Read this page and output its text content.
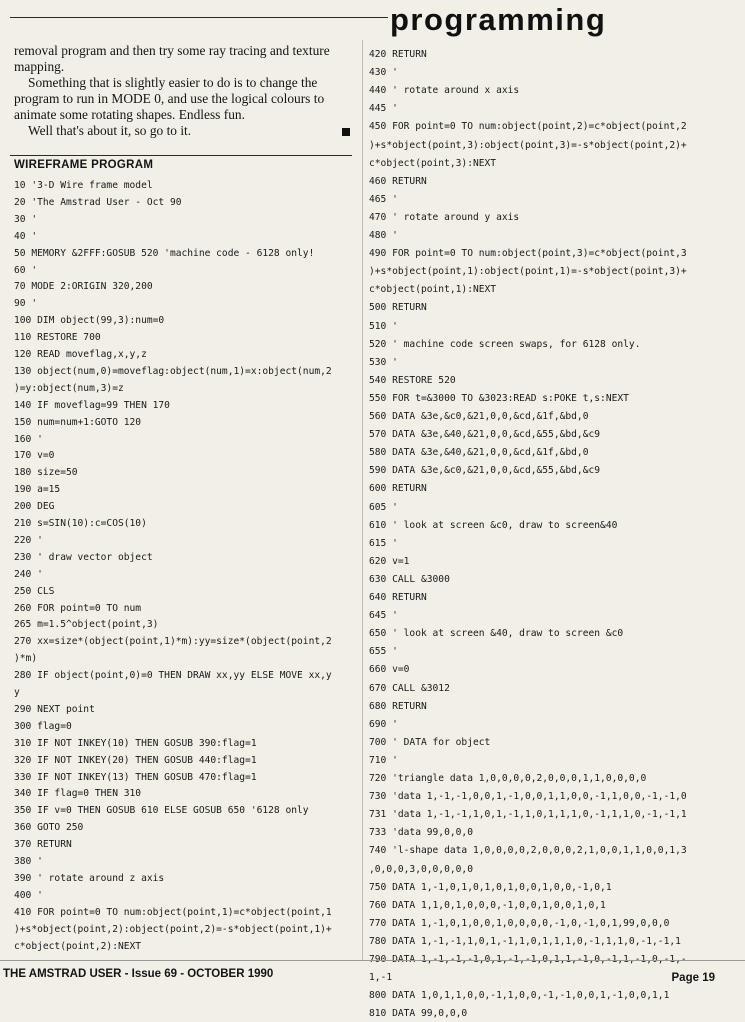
programming

removal program and then try some ray tracing and texture mapping.

Something that is slightly easier to do is to change the program to run in MODE 0, and use the logical colours to animate some rotating shapes. Endless fun.

Well that's about it, so go to it.

WIREFRAME PROGRAM
10 '3-D Wire frame model
20 'The Amstrad User - Oct 90
30 '
40 '
50 MEMORY &2FFF:GOSUB 520 'machine code - 6128 only!
60 '
70 MODE 2:ORIGIN 320,200
90 '
100 DIM object(99,3):num=0
110 RESTORE 700
120 READ moveflag,x,y,z
130 object(num,0)=moveflag:object(num,1)=x:object(num,2
)=y:object(num,3)=z
140 IF moveflag=99 THEN 170
150 num=num+1:GOTO 120
160 '
170 v=0
180 size=50
190 a=15
200 DEG
210 s=SIN(10):c=COS(10)
220 '
230 ' draw vector object
240 '
250 CLS
260 FOR point=0 TO num
265 m=1.5^object(point,3)
270 xx=size*(object(point,1)*m):yy=size*(object(point,2
)*m)
280 IF object(point,0)=0 THEN DRAW xx,yy ELSE MOVE xx,y
y
290 NEXT point
300 flag=0
310 IF NOT INKEY(10) THEN GOSUB 390:flag=1
320 IF NOT INKEY(20) THEN GOSUB 440:flag=1
330 IF NOT INKEY(13) THEN GOSUB 470:flag=1
340 IF flag=0 THEN 310
350 IF v=0 THEN GOSUB 610 ELSE GOSUB 650 '6128 only
360 GOTO 250
370 RETURN
380 '
390 ' rotate around z axis
400 '
410 FOR point=0 TO num:object(point,1)=c*object(point,1
)+s*object(point,2):object(point,2)=-s*object(point,1)+
c*object(point,2):NEXT
420 RETURN
430 '
440 ' rotate around x axis
445 '
450 FOR point=0 TO num:object(point,2)=c*object(point,2
)+s*object(point,3):object(point,3)=-s*object(point,2)+
c*object(point,3):NEXT
460 RETURN
465 '
470 ' rotate around y axis
480 '
490 FOR point=0 TO num:object(point,3)=c*object(point,3
)+s*object(point,1):object(point,1)=-s*object(point,3)+
c*object(point,1):NEXT
500 RETURN
510 '
520 ' machine code screen swaps, for 6128 only.
530 '
540 RESTORE 520
550 FOR t=&3000 TO &3023:READ s:POKE t,s:NEXT
560 DATA &3e,&c0,&21,0,0,&cd,&1f,&bd,0
570 DATA &3e,&40,&21,0,0,&cd,&55,&bd,&c9
580 DATA &3e,&40,&21,0,0,&cd,&1f,&bd,0
590 DATA &3e,&c0,&21,0,0,&cd,&55,&bd,&c9
600 RETURN
605 '
610 ' look at screen &c0, draw to screen&40
615 '
620 v=1
630 CALL &3000
640 RETURN
645 '
650 ' look at screen &40, draw to screen &c0
655 '
660 v=0
670 CALL &3012
680 RETURN
690 '
700 ' DATA for object
710 '
720 'triangle data 1,0,0,0,0,2,0,0,0,1,1,0,0,0,0
730 'data 1,-1,-1,0,0,1,-1,0,0,1,1,0,0,-1,1,0,0,-1,-1,0
731 'data 1,-1,-1,1,0,1,-1,1,0,1,1,1,0,-1,1,1,0,-1,-1,1
733 'data 99,0,0,0
740 'l-shape data 1,0,0,0,0,2,0,0,0,2,1,0,0,1,1,0,0,1,3
,0,0,0,3,0,0,0,0,0
750 DATA 1,-1,0,1,0,1,0,1,0,0,1,0,0,-1,0,1
760 DATA 1,1,0,1,0,0,0,-1,0,0,1,0,0,1,0,1
770 DATA 1,-1,0,1,0,0,1,0,0,0,0,-1,0,-1,0,1,99,0,0,0
780 DATA 1,-1,-1,1,0,1,-1,1,0,1,1,1,0,-1,1,1,0,-1,-1,1
790 DATA 1,-1,-1,-1,0,1,-1,-1,0,1,1,-1,0,-1,1,-1,0,-1,-
1,-1
800 DATA 1,0,1,1,0,0,-1,1,0,0,-1,-1,0,0,1,-1,0,0,1,1
810 DATA 99,0,0,0
THE AMSTRAD USER - Issue 69 - OCTOBER 1990	Page 19
